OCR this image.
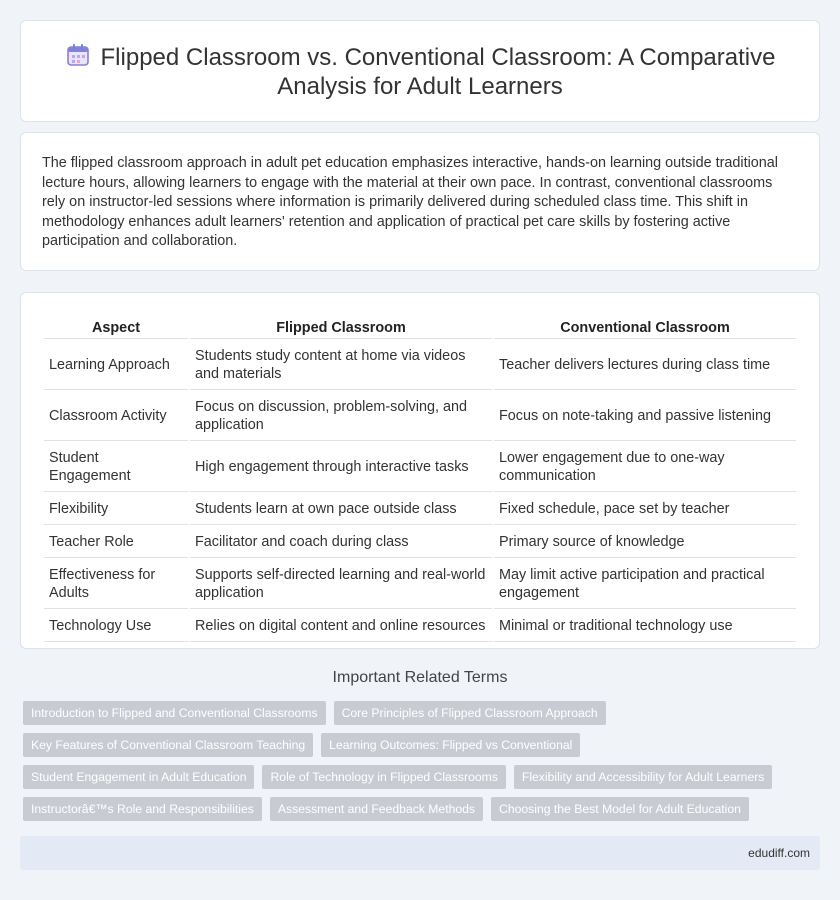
Flipped Classroom vs. Conventional Classroom: A Comparative Analysis for Adult Learners

The flipped classroom approach in adult pet education emphasizes interactive, hands-on learning outside traditional lecture hours, allowing learners to engage with the material at their own pace. In contrast, conventional classrooms rely on instructor-led sessions where information is primarily delivered during scheduled class time. This shift in methodology enhances adult learners' retention and application of practical pet care skills by fostering active participation and collaboration.

Aspect	Flipped Classroom	Conventional Classroom
Learning Approach	Students study content at home via videos and materials	Teacher delivers lectures during class time
Classroom Activity	Focus on discussion, problem-solving, and application	Focus on note-taking and passive listening
Student Engagement	High engagement through interactive tasks	Lower engagement due to one-way communication
Flexibility	Students learn at own pace outside class	Fixed schedule, pace set by teacher
Teacher Role	Facilitator and coach during class	Primary source of knowledge
Effectiveness for Adults	Supports self-directed learning and real-world application	May limit active participation and practical engagement
Technology Use	Relies on digital content and online resources	Minimal or traditional technology use
Important Related Terms
Introduction to Flipped and Conventional Classrooms	Core Principles of Flipped Classroom Approach
Key Features of Conventional Classroom Teaching	Learning Outcomes: Flipped vs Conventional
Student Engagement in Adult Education	Role of Technology in Flipped Classrooms	Flexibility and Accessibility for Adult Learners
Instructorâ€™s Role and Responsibilities	Assessment and Feedback Methods	Choosing the Best Model for Adult Education
edudiff.com
